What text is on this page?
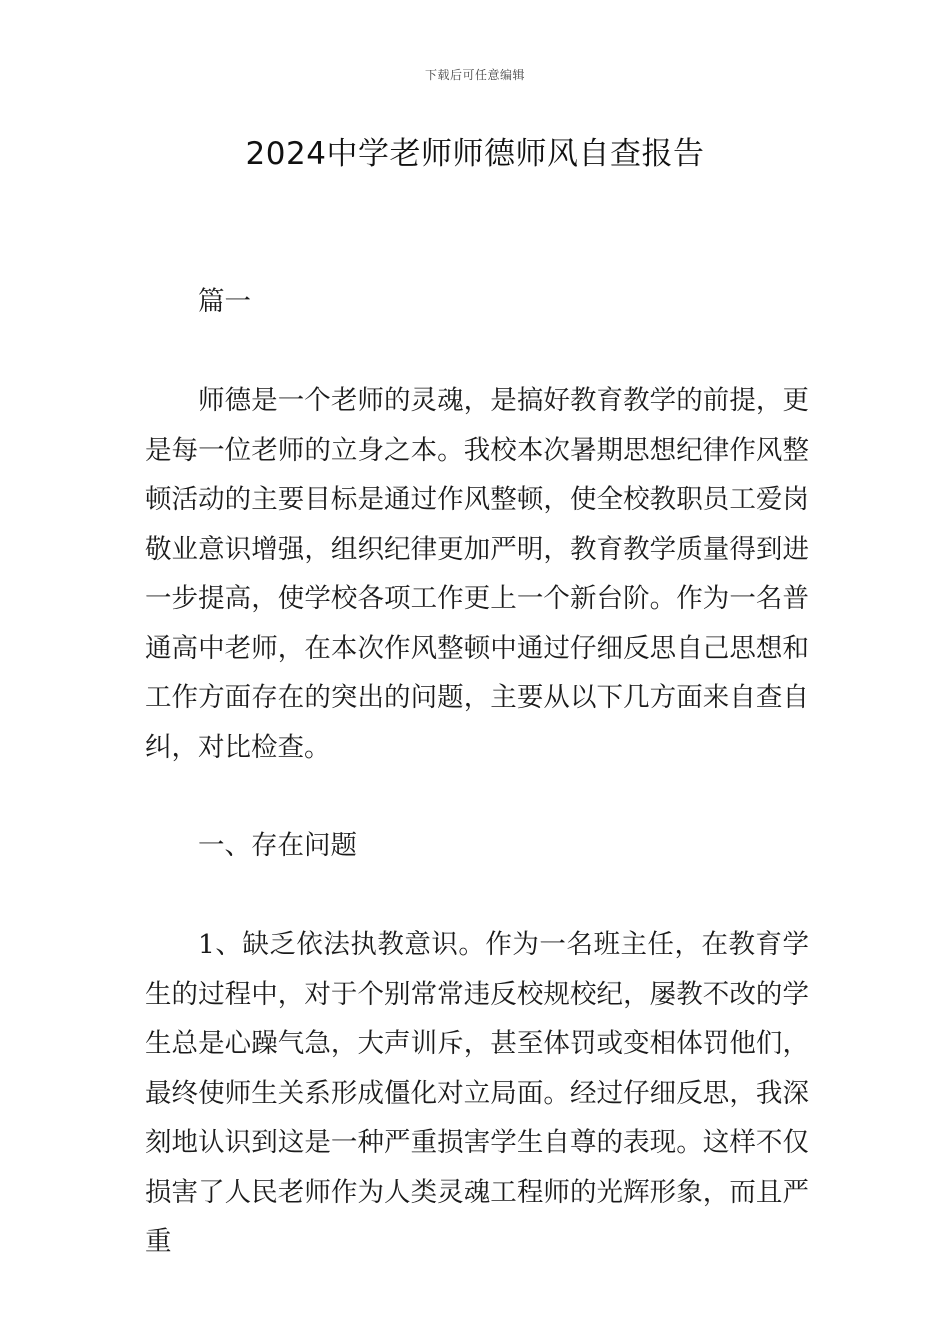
下载后可任意编辑
2024中学老师师德师风自查报告
篇一
师德是一个老师的灵魂，是搞好教育教学的前提，更是每一位老师的立身之本。我校本次暑期思想纪律作风整顿活动的主要目标是通过作风整顿，使全校教职员工爱岗敬业意识增强，组织纪律更加严明，教育教学质量得到进一步提高，使学校各项工作更上一个新台阶。作为一名普通高中老师，在本次作风整顿中通过仔细反思自己思想和工作方面存在的突出的问题，主要从以下几方面来自查自纠，对比检查。
一、存在问题
1、缺乏依法执教意识。作为一名班主任，在教育学生的过程中，对于个别常常违反校规校纪，屡教不改的学生总是心躁气急，大声训斥，甚至体罚或变相体罚他们，最终使师生关系形成僵化对立局面。经过仔细反思，我深刻地认识到这是一种严重损害学生自尊的表现。这样不仅损害了人民老师作为人类灵魂工程师的光辉形象，而且严重
